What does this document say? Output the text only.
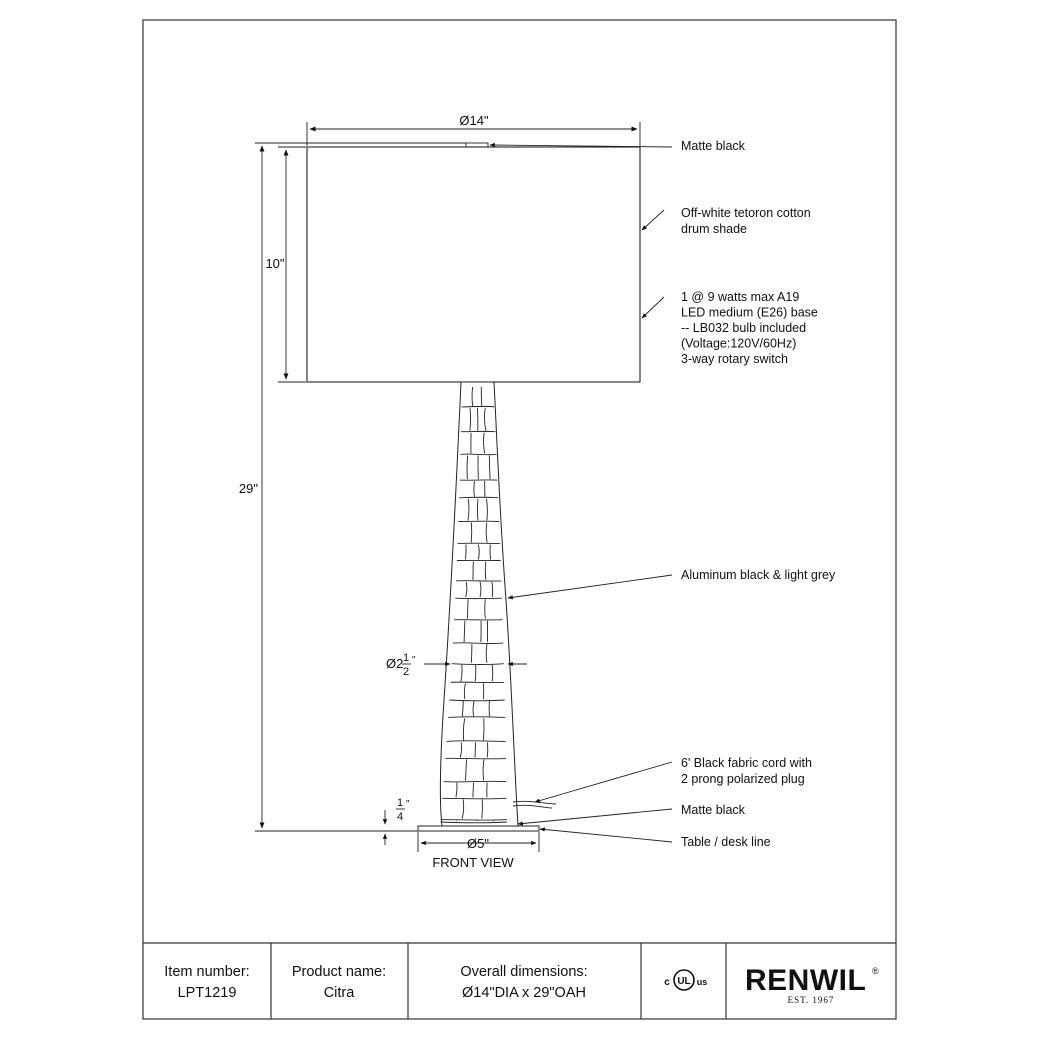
Ø14"
10"
29"
Ø2 1
2
"
1
4
"
Ø5"
FRONT VIEW
Matte black
Off-white tetoron cotton drum shade
1 @ 9 watts max A19 LED medium (E26) base -- LB032 bulb included (Voltage:120V/60Hz) 3-way rotary switch
Aluminum black & light grey
6' Black fabric cord with 2 prong polarized plug
Matte black
Table / desk line
Item number:
LPT1219
Product name:
Citra
Overall dimensions:
Ø14"DIA x 29"OAH
UL
c	us RENWIL ®
EST. 1967
